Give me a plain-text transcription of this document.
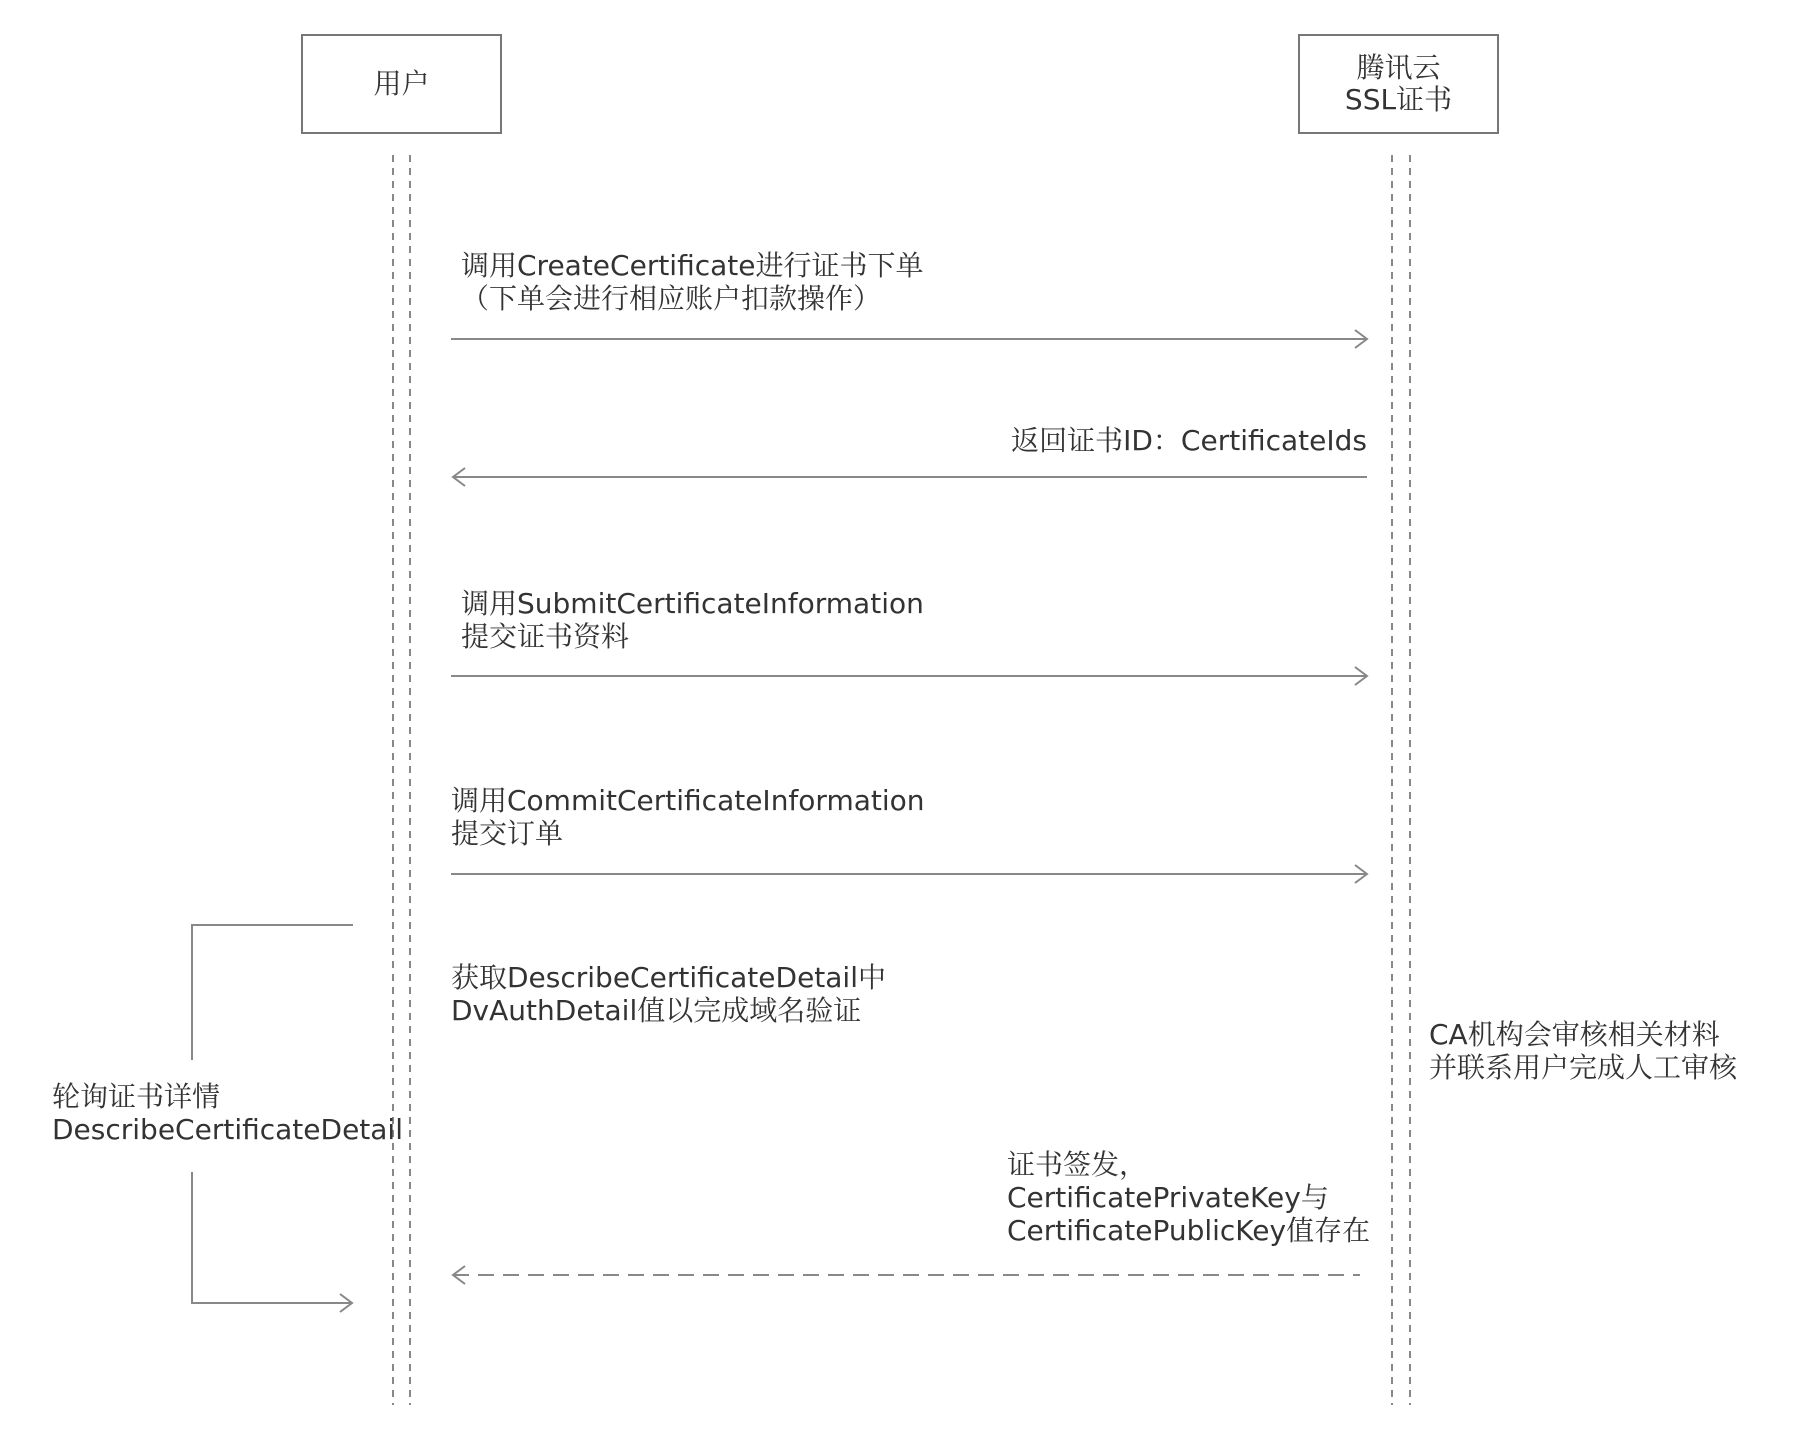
用户	腾讯云
SSL证书
调用CreateCertificate进行证书下单
（下单会进行相应账户扣款操作）
返回证书ID：CertificateIds
调用SubmitCertificateInformation
提交证书资料
调用CommitCertificateInformation
提交订单
获取DescribeCertificateDetail中
DvAuthDetail值以完成域名验证
证书签发，
CertificatePrivateKey与
CertificatePublicKey值存在
轮询证书详情
DescribeCertificateDetail
CA机构会审核相关材料
并联系用户完成人工审核
